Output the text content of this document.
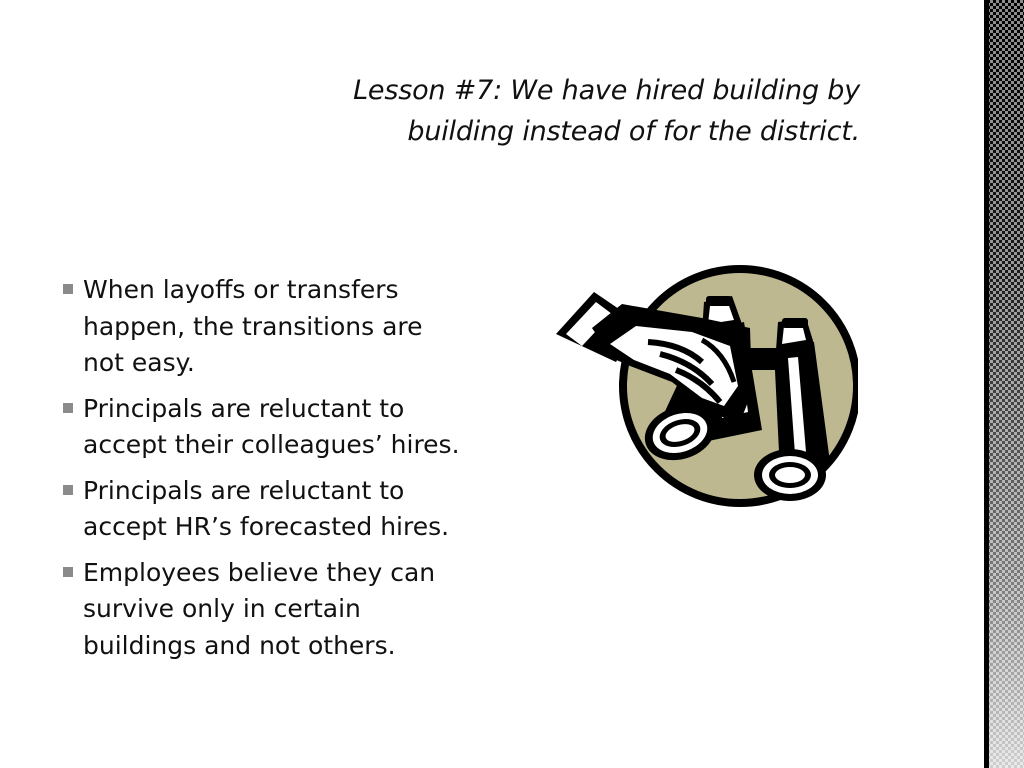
Lesson #7: We have hired building by
building instead of for the district.
When layoffs or transfers
happen, the transitions are
not easy.
Principals are reluctant to
accept their colleagues’ hires.
Principals are reluctant to
accept HR’s forecasted hires.
Employees believe they can
survive only in certain
buildings and not others.
